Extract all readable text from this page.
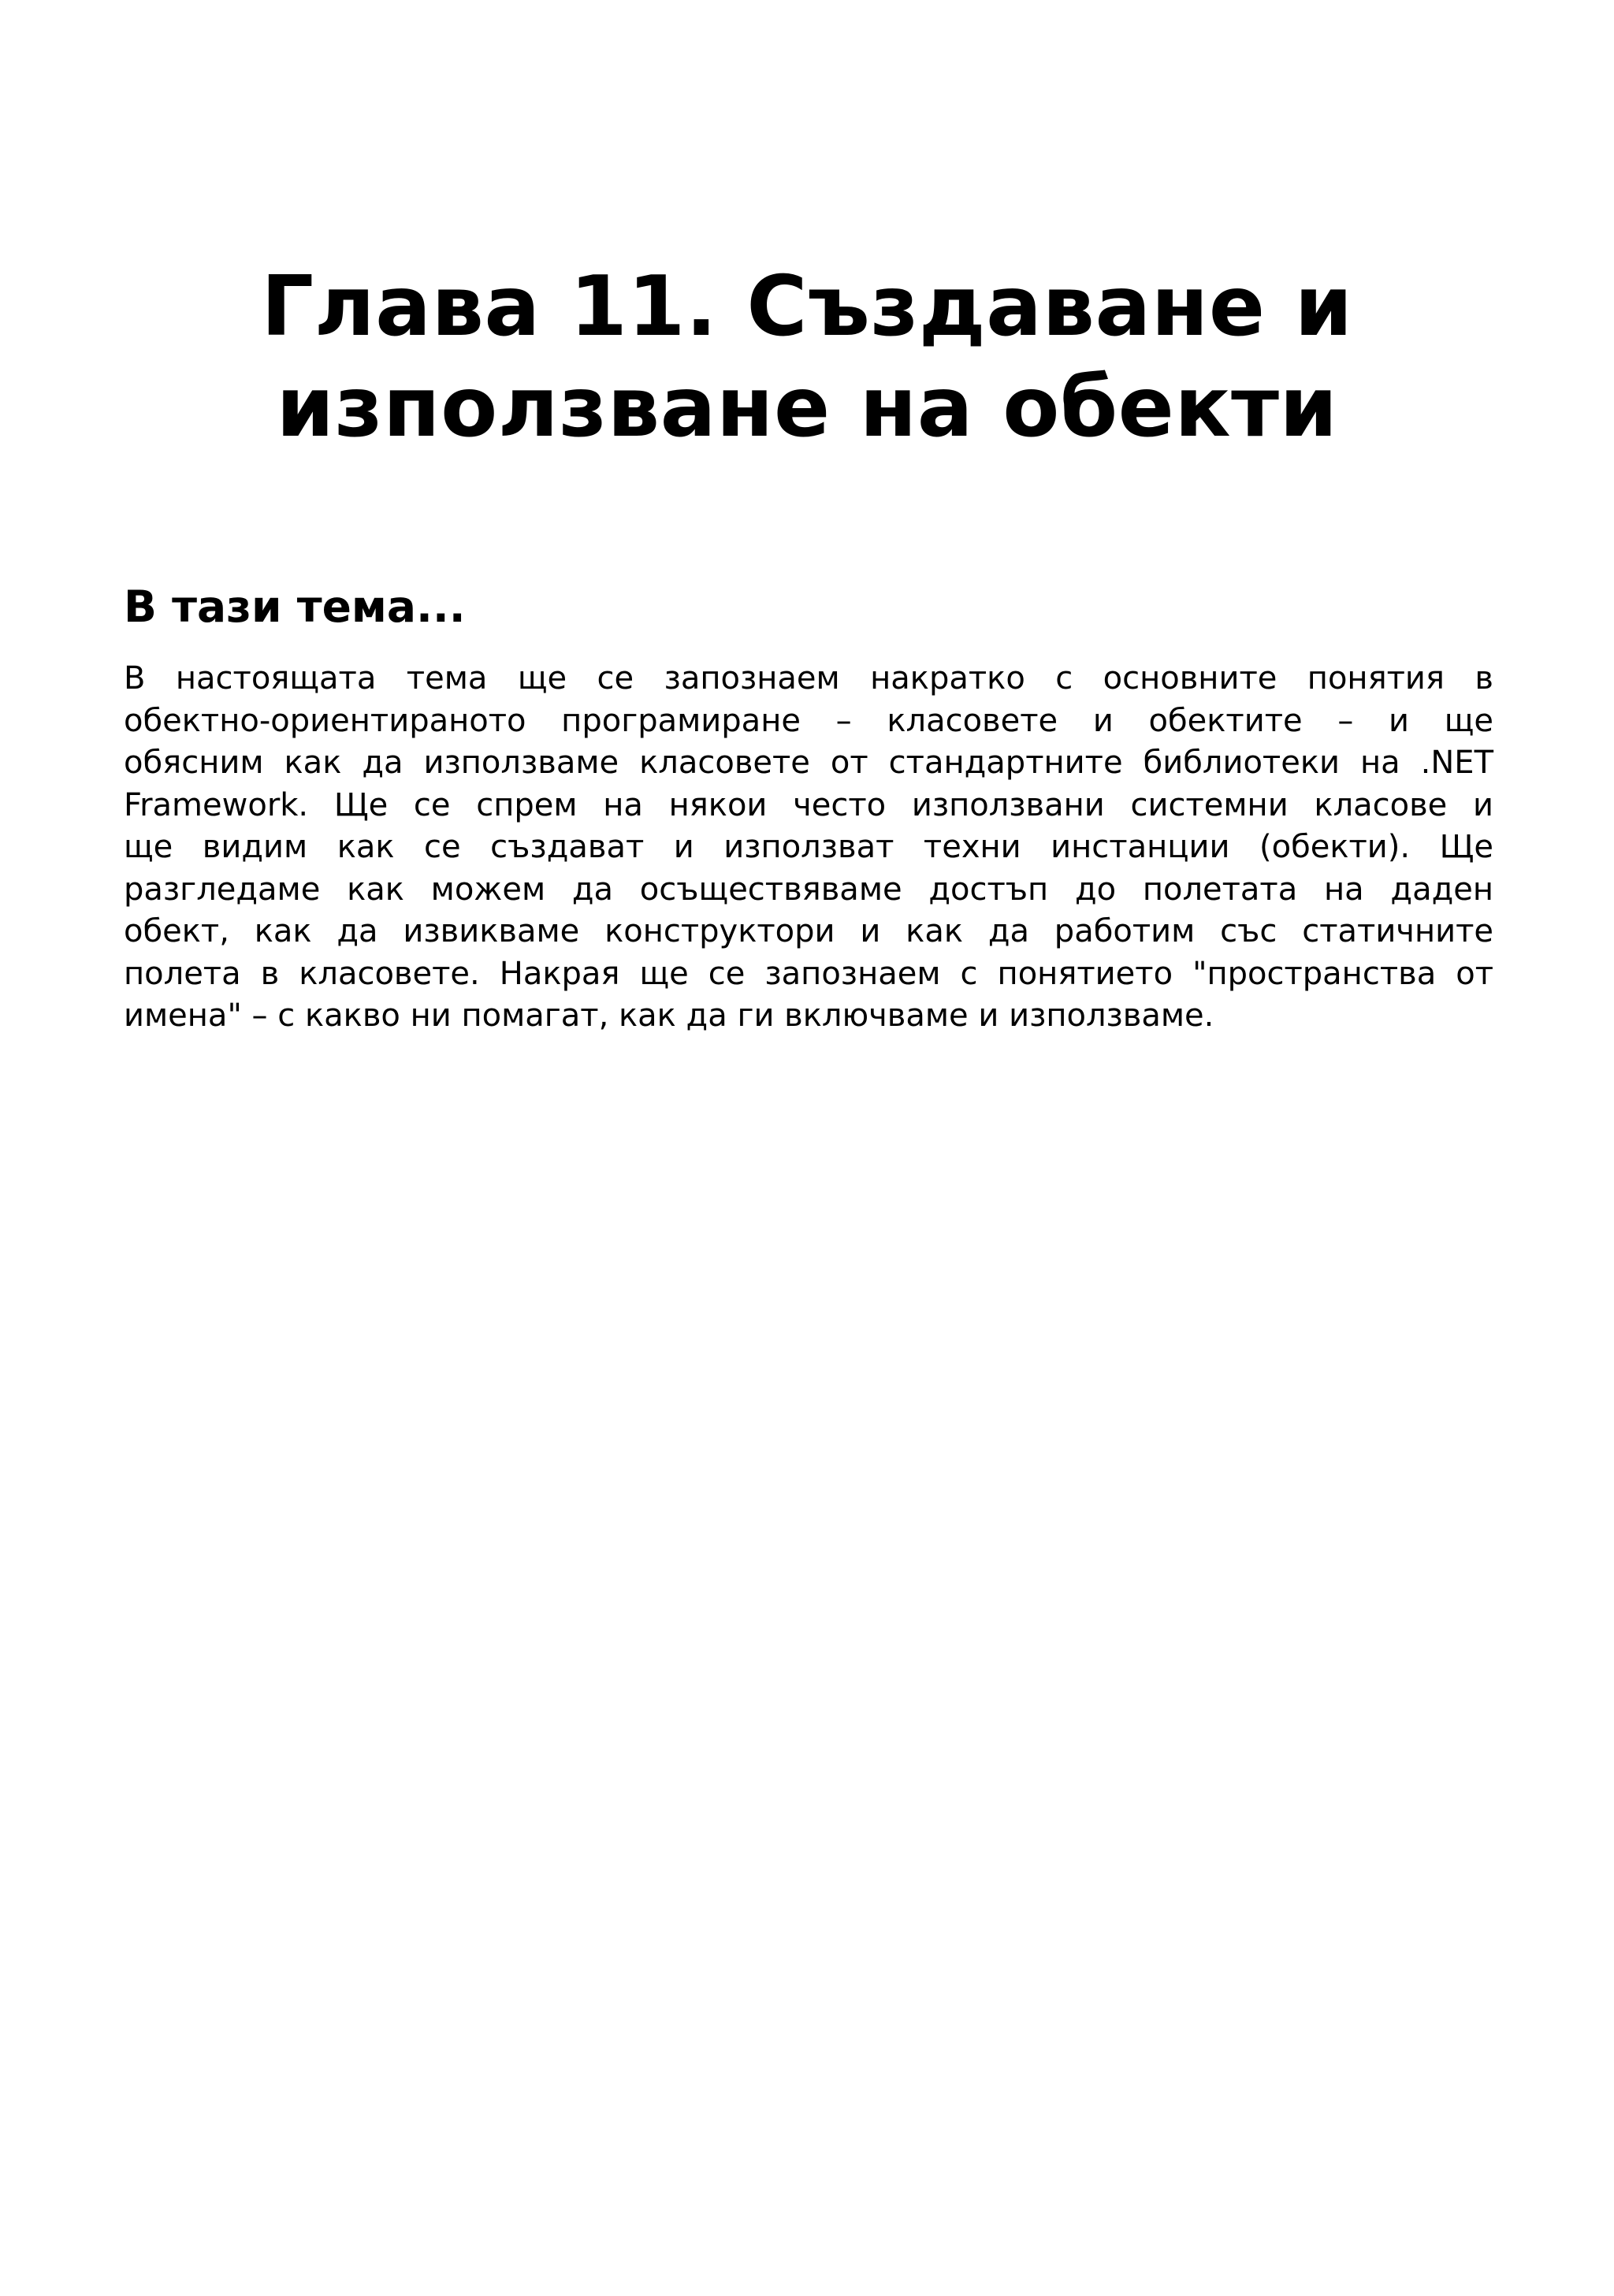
Глава 11. Създаване и
използване на обекти
В тази тема...

В настоящата тема ще се запознаем накратко с основните понятия в
обектно-ориентираното програмиране – класовете и обектите – и ще
обясним как да използваме класовете от стандартните библиотеки на .NET
Framework. Ще се спрем на някои често използвани системни класове и
ще видим как се създават и използват техни инстанции (обекти). Ще
разгледаме как можем да осъществяваме достъп до полетата на даден
обект, как да извикваме конструктори и как да работим със статичните
полета в класовете. Накрая ще се запознаем с понятието "пространства от
имена" – с какво ни помагат, как да ги включваме и използваме.
